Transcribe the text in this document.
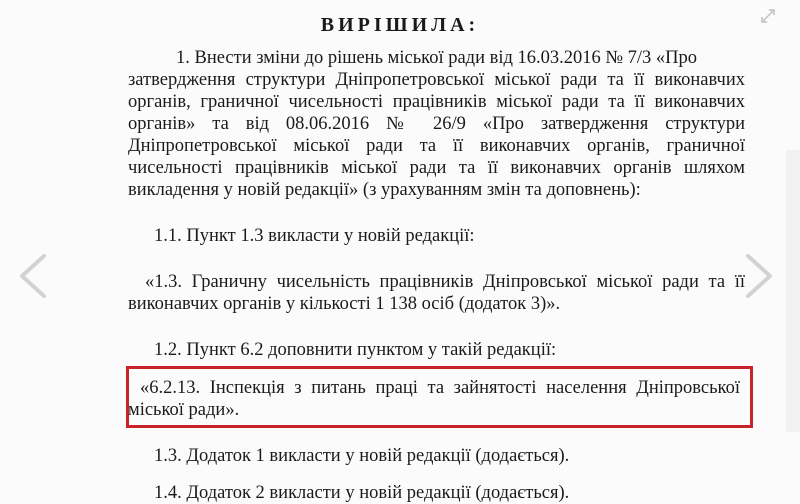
ВИРІШИЛА:
1. Внести зміни до рішень міської ради від 16.03.2016 № 7/3 «Про
затвердження структури Дніпропетровської міської ради та її виконавчих
органів, граничної чисельності працівників міської ради та її виконавчих
органів» та від 08.06.2016 № 26/9 «Про затвердження структури
Дніпропетровської міської ради та її виконавчих органів, граничної
чисельності працівників міської ради та її виконавчих органів шляхом
викладення у новій редакції» (з урахуванням змін та доповнень):
1.1. Пункт 1.3 викласти у новій редакції:
«1.3. Граничну чисельність працівників Дніпровської міської ради та її
виконавчих органів у кількості 1 138 осіб (додаток 3)».
1.2. Пункт 6.2 доповнити пунктом у такій редакції:
«6.2.13. Інспекція з питань праці та зайнятості населення Дніпровської
міської ради».
1.3. Додаток 1 викласти у новій редакції (додається).
1.4. Додаток 2 викласти у новій редакції (додається).
